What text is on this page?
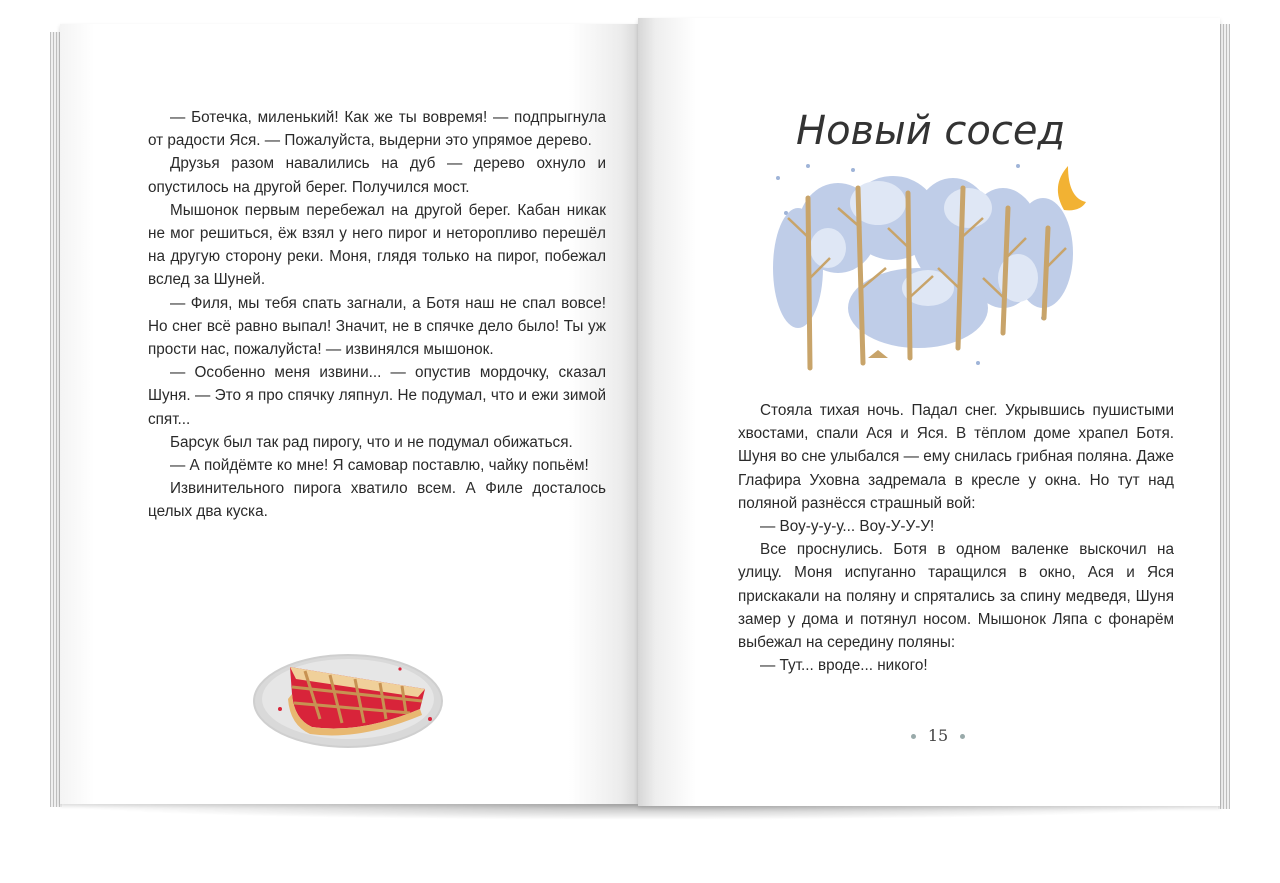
— Ботечка, миленький! Как же ты вовремя! — подпрыгнула от радости Яся. — Пожалуйста, выдерни это упрямое дерево.

Друзья разом навалились на дуб — дерево охнуло и опустилось на другой берег. Получился мост.

Мышонок первым перебежал на другой берег. Кабан никак не мог решиться, ёж взял у него пирог и неторопливо перешёл на другую сторону реки. Моня, глядя только на пирог, побежал вслед за Шуней.

— Филя, мы тебя спать загнали, а Ботя наш не спал вовсе! Но снег всё равно выпал! Значит, не в спячке дело было! Ты уж прости нас, пожалуйста! — извинялся мышонок.

— Особенно меня извини... — опустив мордочку, сказал Шуня. — Это я про спячку ляпнул. Не подумал, что и ежи зимой спят...

Барсук был так рад пирогу, что и не подумал обижаться.

— А пойдёмте ко мне! Я самовар поставлю, чайку попьём!

Извинительного пирога хватило всем. А Филе досталось целых два куска.

Новый сосед

Стояла тихая ночь. Падал снег. Укрывшись пушистыми хвостами, спали Ася и Яся. В тёплом доме храпел Ботя. Шуня во сне улыбался — ему снилась грибная поляна. Даже Глафира Уховна задремала в кресле у окна. Но тут над поляной разнёсся страшный вой:

— Воу-у-у-у... Воу-У-У-У!

Все проснулись. Ботя в одном валенке выскочил на улицу. Моня испуганно таращился в окно, Ася и Яся прискакали на поляну и спрятались за спину медведя, Шуня замер у дома и потянул носом. Мышонок Ляпа с фонарём выбежал на середину поляны:

— Тут... вроде... никого!

15
